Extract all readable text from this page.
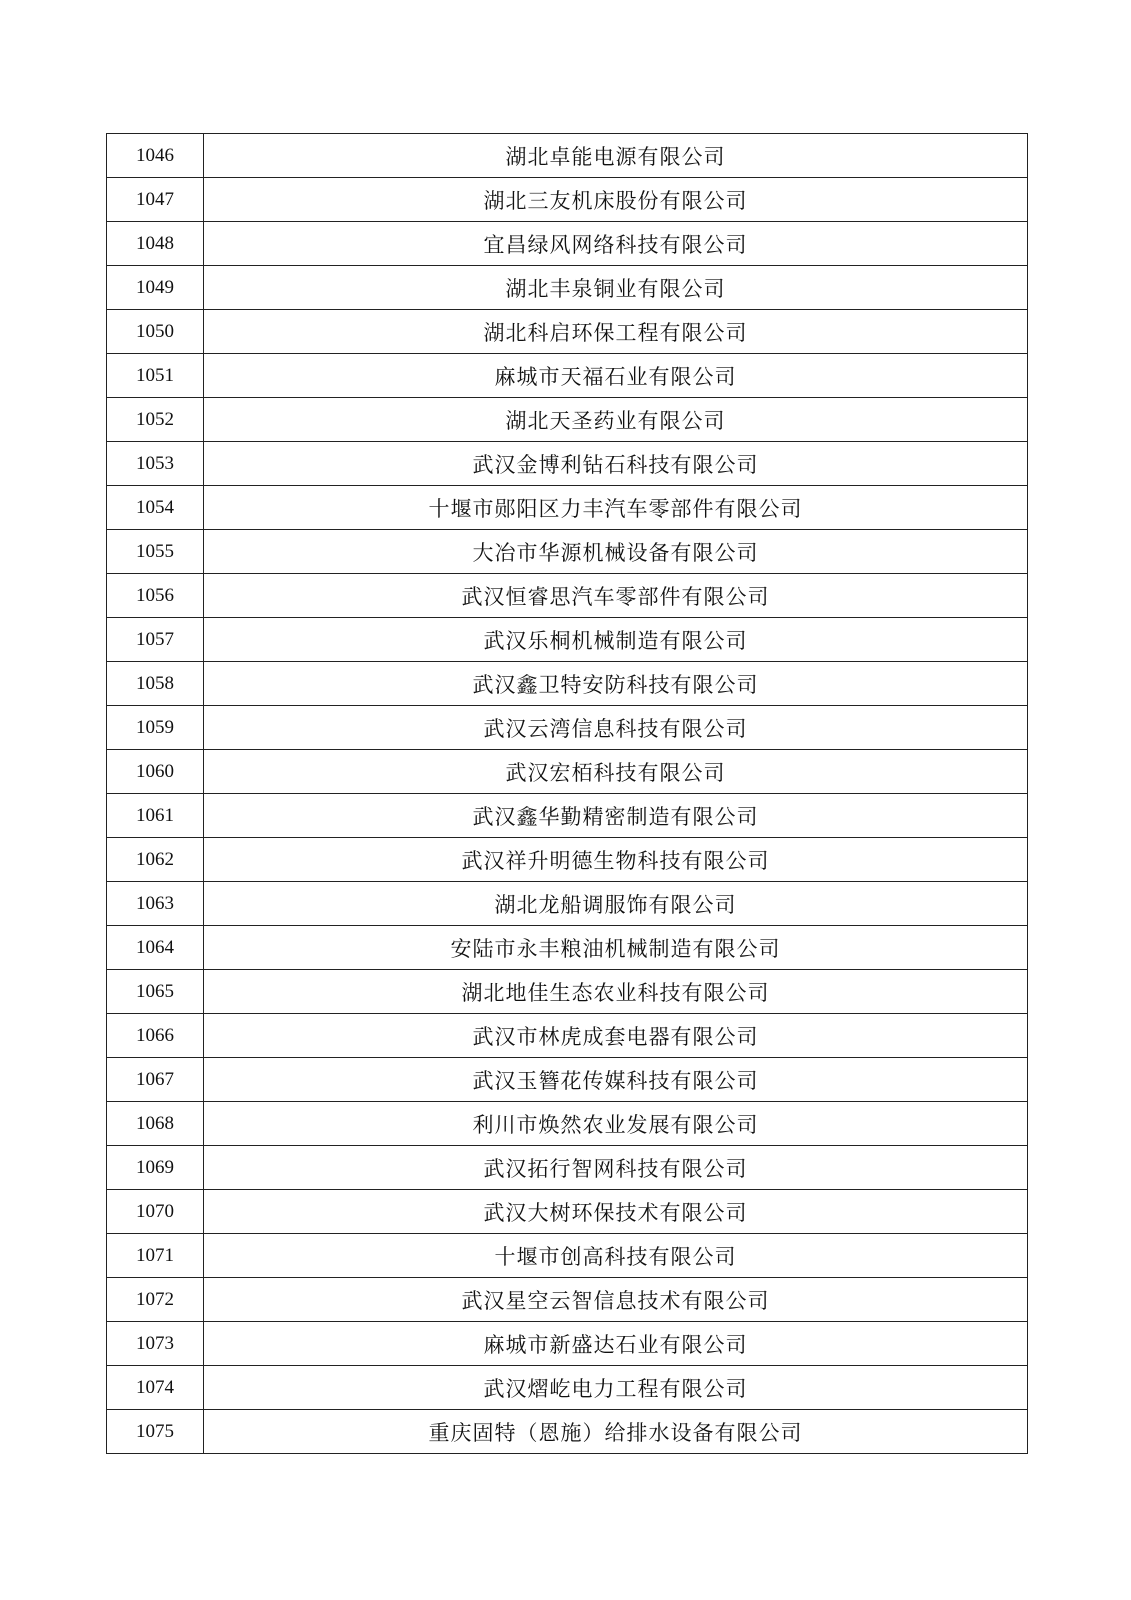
1046	湖北卓能电源有限公司
1047	湖北三友机床股份有限公司
1048	宜昌绿风网络科技有限公司
1049	湖北丰泉铜业有限公司
1050	湖北科启环保工程有限公司
1051	麻城市天福石业有限公司
1052	湖北天圣药业有限公司
1053	武汉金博利钻石科技有限公司
1054	十堰市郧阳区力丰汽车零部件有限公司
1055	大冶市华源机械设备有限公司
1056	武汉恒睿思汽车零部件有限公司
1057	武汉乐桐机械制造有限公司
1058	武汉鑫卫特安防科技有限公司
1059	武汉云湾信息科技有限公司
1060	武汉宏栢科技有限公司
1061	武汉鑫华勤精密制造有限公司
1062	武汉祥升明德生物科技有限公司
1063	湖北龙船调服饰有限公司
1064	安陆市永丰粮油机械制造有限公司
1065	湖北地佳生态农业科技有限公司
1066	武汉市林虎成套电器有限公司
1067	武汉玉簪花传媒科技有限公司
1068	利川市焕然农业发展有限公司
1069	武汉拓行智网科技有限公司
1070	武汉大树环保技术有限公司
1071	十堰市创高科技有限公司
1072	武汉星空云智信息技术有限公司
1073	麻城市新盛达石业有限公司
1074	武汉熠屹电力工程有限公司
1075	重庆固特（恩施）给排水设备有限公司
